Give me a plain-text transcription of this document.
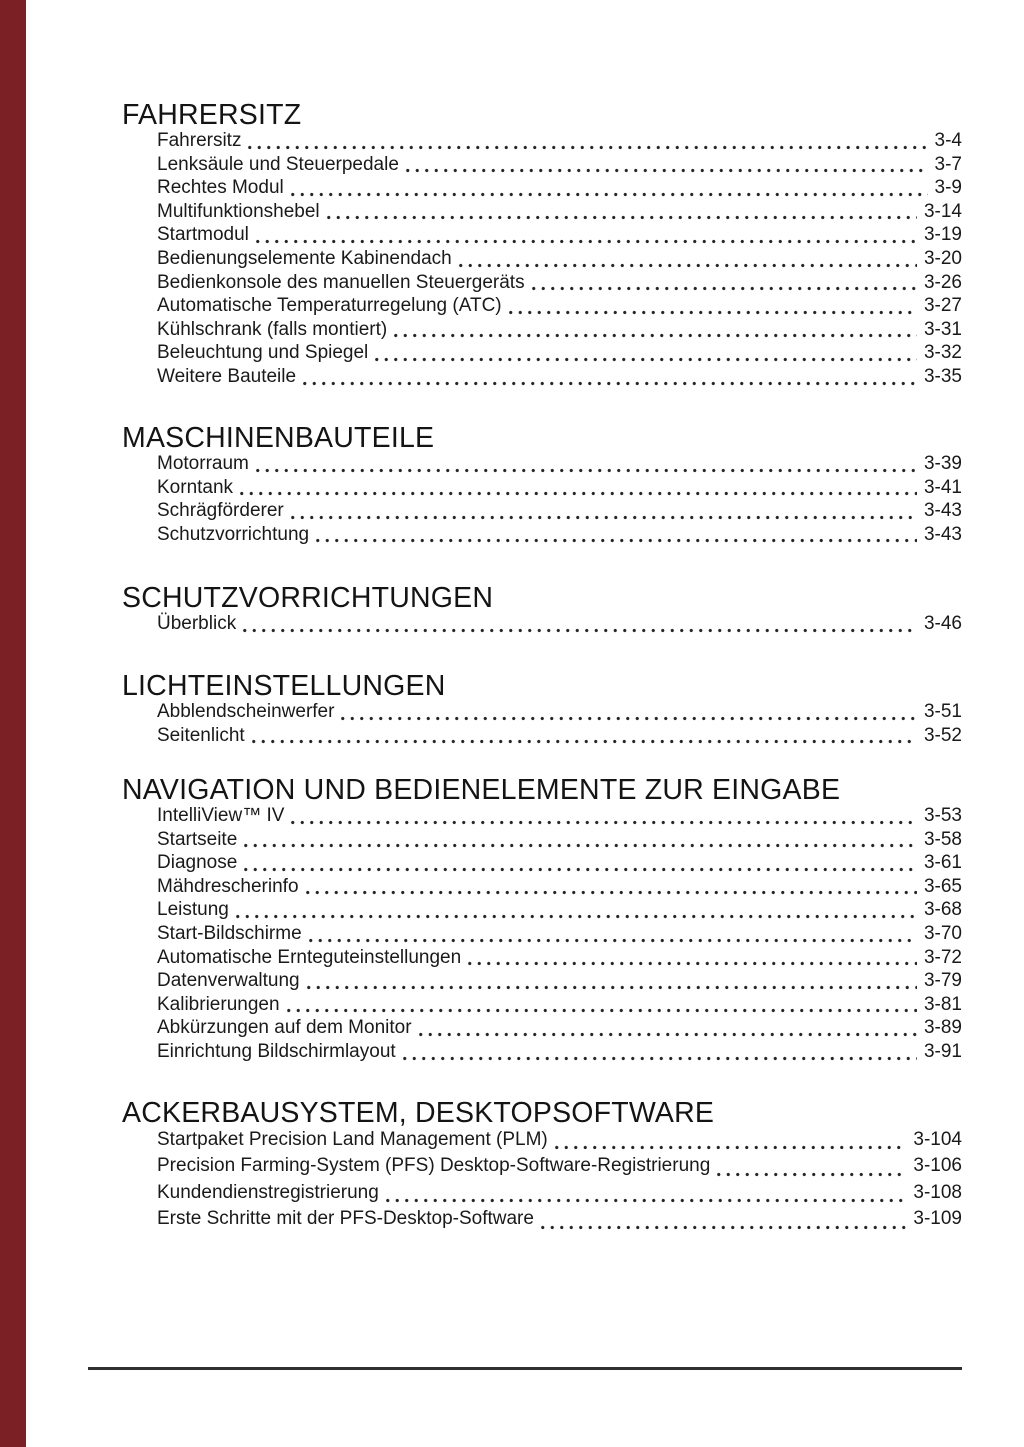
FAHRERSITZ
Fahrersitz	3-4
Lenksäule und Steuerpedale	3-7
Rechtes Modul	3-9
Multifunktionshebel	3-14
Startmodul	3-19
Bedienungselemente Kabinendach	3-20
Bedienkonsole des manuellen Steuergeräts	3-26
Automatische Temperaturregelung (ATC)	3-27
Kühlschrank (falls montiert)	3-31
Beleuchtung und Spiegel	3-32
Weitere Bauteile	3-35
MASCHINENBAUTEILE
Motorraum	3-39
Korntank	3-41
Schrägförderer	3-43
Schutzvorrichtung	3-43
SCHUTZVORRICHTUNGEN
Überblick	3-46
LICHTEINSTELLUNGEN
Abblendscheinwerfer	3-51
Seitenlicht	3-52
NAVIGATION UND BEDIENELEMENTE ZUR EINGABE
IntelliView™ IV	3-53
Startseite	3-58
Diagnose	3-61
Mähdrescherinfo	3-65
Leistung	3-68
Start-Bildschirme	3-70
Automatische Ernteguteinstellungen	3-72
Datenverwaltung	3-79
Kalibrierungen	3-81
Abkürzungen auf dem Monitor	3-89
Einrichtung Bildschirmlayout	3-91
ACKERBAUSYSTEM, DESKTOPSOFTWARE
Startpaket Precision Land Management (PLM)	3-104
Precision Farming-System (PFS) Desktop-Software-Registrierung	3-106
Kundendienstregistrierung	3-108
Erste Schritte mit der PFS-Desktop-Software	3-109
